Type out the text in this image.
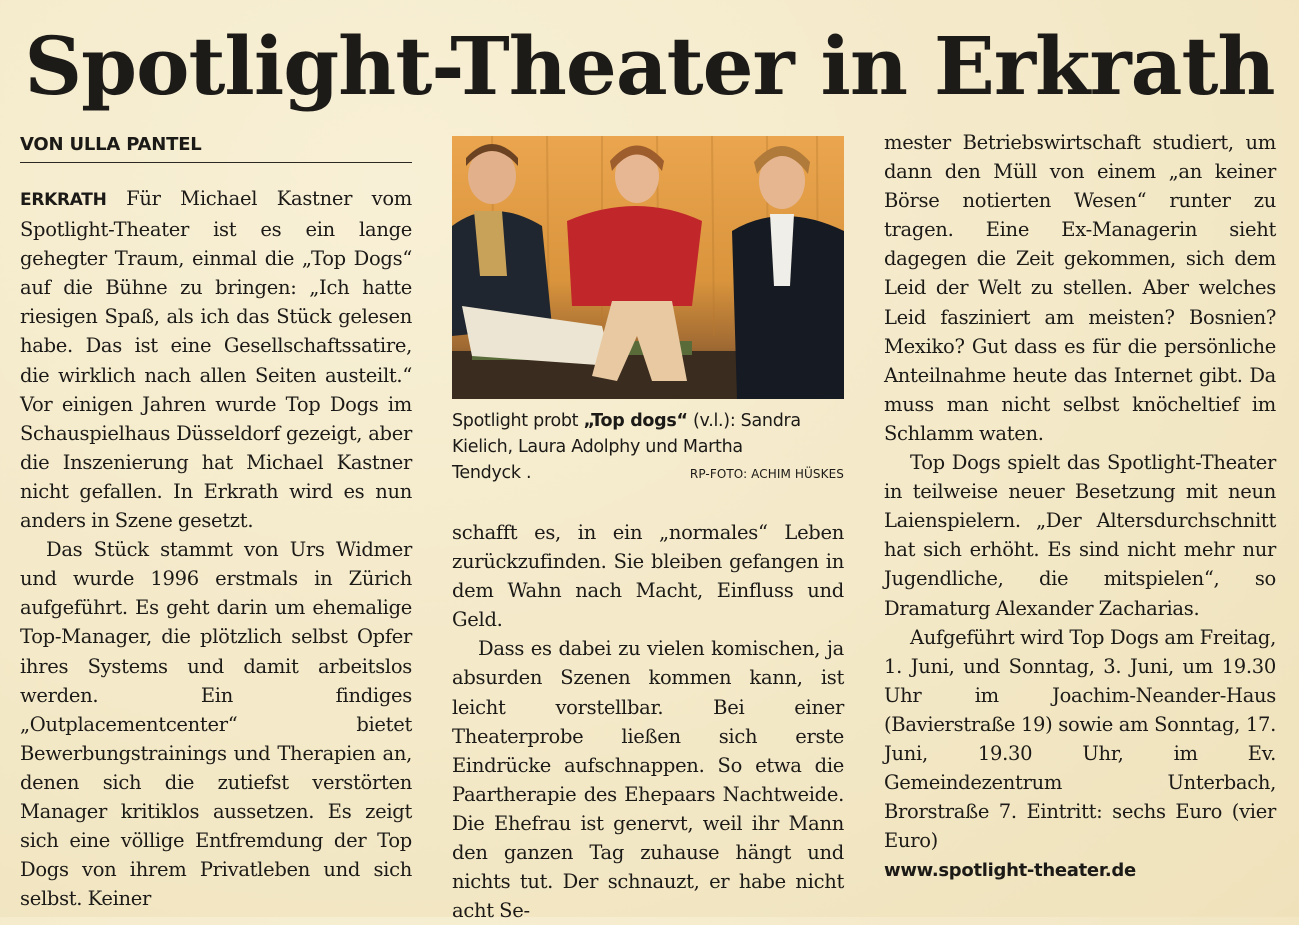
Spotlight-Theater in Erkrath
VON ULLA PANTEL

ERKRATH Für Michael Kastner vom Spotlight-Theater ist es ein lange gehegter Traum, einmal die „Top Dogs“ auf die Bühne zu bringen: „Ich hatte riesigen Spaß, als ich das Stück gelesen habe. Das ist eine Gesellschaftssatire, die wirklich nach allen Seiten austeilt.“ Vor einigen Jahren wurde Top Dogs im Schauspielhaus Düsseldorf gezeigt, aber die Inszenierung hat Michael Kastner nicht gefallen. In Erkrath wird es nun anders in Szene gesetzt.

Das Stück stammt von Urs Widmer und wurde 1996 erstmals in Zürich aufgeführt. Es geht darin um ehemalige Top-Manager, die plötzlich selbst Opfer ihres Systems und damit arbeitslos werden. Ein findiges „Outplacementcenter“ bietet Bewerbungstrainings und Therapien an, denen sich die zutiefst verstörten Manager kritiklos aussetzen. Es zeigt sich eine völlige Entfremdung der Top Dogs von ihrem Privatleben und sich selbst. Keiner

Spotlight probt „Top dogs“ (v.l.): Sandra Kielich, Laura Adolphy und Martha
Tendyck .	RP-FOTO: ACHIM HÜSKES

schafft es, in ein „normales“ Leben zurückzufinden. Sie bleiben gefangen in dem Wahn nach Macht, Einfluss und Geld.

Dass es dabei zu vielen komischen, ja absurden Szenen kommen kann, ist leicht vorstellbar. Bei einer Theaterprobe ließen sich erste Eindrücke aufschnappen. So etwa die Paartherapie des Ehepaars Nachtweide. Die Ehefrau ist genervt, weil ihr Mann den ganzen Tag zuhause hängt und nichts tut. Der schnauzt, er habe nicht acht Se-

mester Betriebswirtschaft studiert, um dann den Müll von einem „an keiner Börse notierten Wesen“ runter zu tragen. Eine Ex-Managerin sieht dagegen die Zeit gekommen, sich dem Leid der Welt zu stellen. Aber welches Leid fasziniert am meisten? Bosnien? Mexiko? Gut dass es für die persönliche Anteilnahme heute das Internet gibt. Da muss man nicht selbst knöcheltief im Schlamm waten.

Top Dogs spielt das Spotlight-Theater in teilweise neuer Besetzung mit neun Laienspielern. „Der Altersdurchschnitt hat sich erhöht. Es sind nicht mehr nur Jugendliche, die mitspielen“, so Dramaturg Alexander Zacharias.

Aufgeführt wird Top Dogs am Freitag, 1. Juni, und Sonntag, 3. Juni, um 19.30 Uhr im Joachim-Neander-Haus (Bavierstraße 19) sowie am Sonntag, 17. Juni, 19.30 Uhr, im Ev. Gemeindezentrum Unterbach, Brorstraße 7. Eintritt: sechs Euro (vier Euro)

www.spotlight-theater.de
